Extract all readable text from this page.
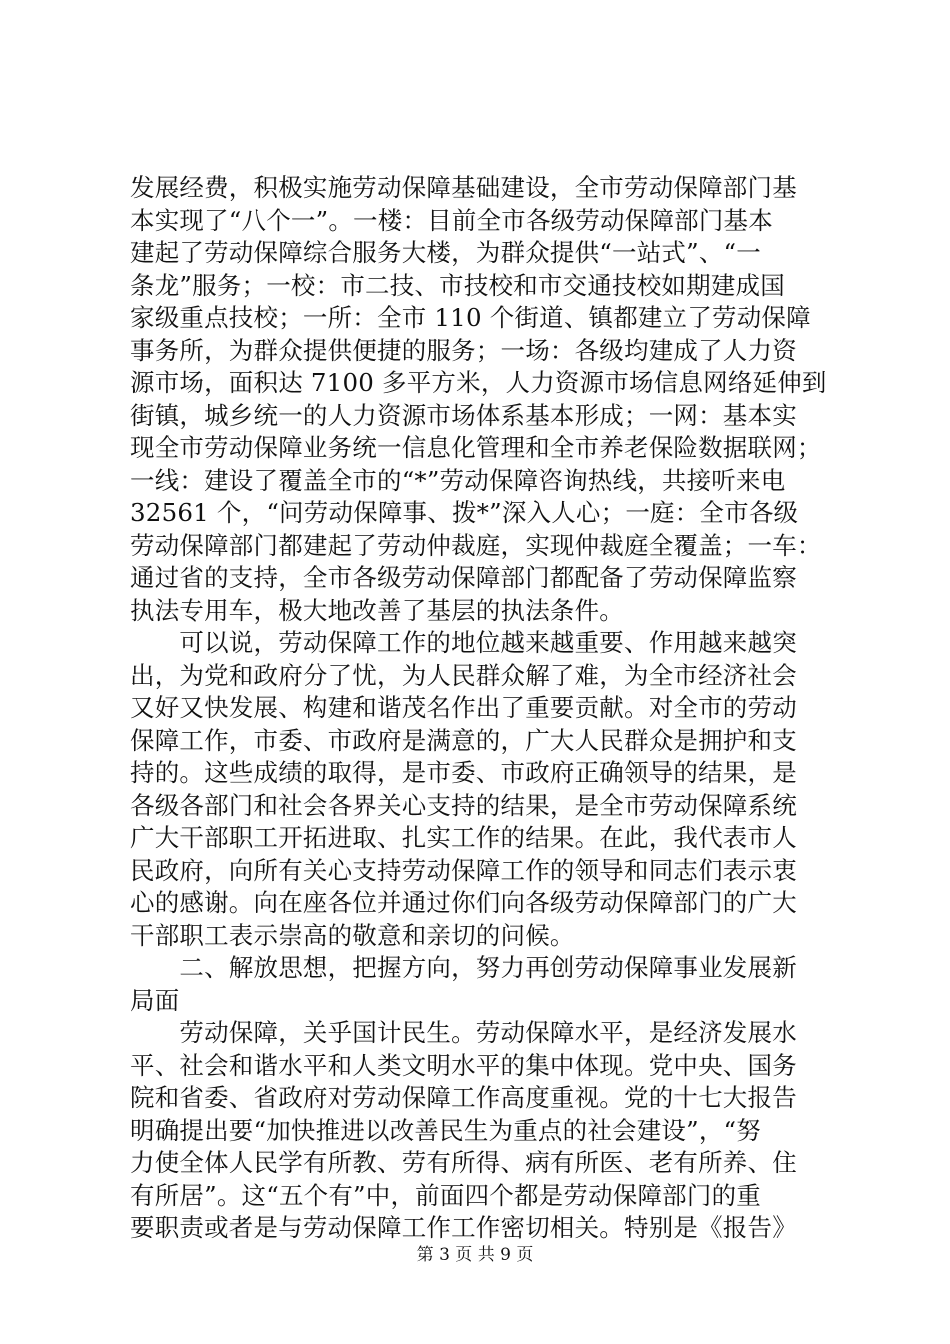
发展经费，积极实施劳动保障基础建设，全市劳动保障部门基
本实现了“八个一”。一楼：目前全市各级劳动保障部门基本
建起了劳动保障综合服务大楼，为群众提供“一站式”、“一
条龙”服务；一校：市二技、市技校和市交通技校如期建成国
家级重点技校；一所：全市 110 个街道、镇都建立了劳动保障
事务所，为群众提供便捷的服务；一场：各级均建成了人力资
源市场，面积达 7100 多平方米，人力资源市场信息网络延伸到
街镇，城乡统一的人力资源市场体系基本形成；一网：基本实
现全市劳动保障业务统一信息化管理和全市养老保险数据联网；
一线：建设了覆盖全市的“*”劳动保障咨询热线，共接听来电
32561 个，“问劳动保障事、拨*”深入人心；一庭：全市各级
劳动保障部门都建起了劳动仲裁庭，实现仲裁庭全覆盖；一车：
通过省的支持，全市各级劳动保障部门都配备了劳动保障监察
执法专用车，极大地改善了基层的执法条件。
　　可以说，劳动保障工作的地位越来越重要、作用越来越突
出，为党和政府分了忧，为人民群众解了难，为全市经济社会
又好又快发展、构建和谐茂名作出了重要贡献。对全市的劳动
保障工作，市委、市政府是满意的，广大人民群众是拥护和支
持的。这些成绩的取得，是市委、市政府正确领导的结果，是
各级各部门和社会各界关心支持的结果，是全市劳动保障系统
广大干部职工开拓进取、扎实工作的结果。在此，我代表市人
民政府，向所有关心支持劳动保障工作的领导和同志们表示衷
心的感谢。向在座各位并通过你们向各级劳动保障部门的广大
干部职工表示崇高的敬意和亲切的问候。
　　二、解放思想，把握方向，努力再创劳动保障事业发展新
局面
　　劳动保障，关乎国计民生。劳动保障水平，是经济发展水
平、社会和谐水平和人类文明水平的集中体现。党中央、国务
院和省委、省政府对劳动保障工作高度重视。党的十七大报告
明确提出要“加快推进以改善民生为重点的社会建设”，“努
力使全体人民学有所教、劳有所得、病有所医、老有所养、住
有所居”。这“五个有”中，前面四个都是劳动保障部门的重
要职责或者是与劳动保障工作工作密切相关。特别是《报告》
第 3 页 共 9 页
